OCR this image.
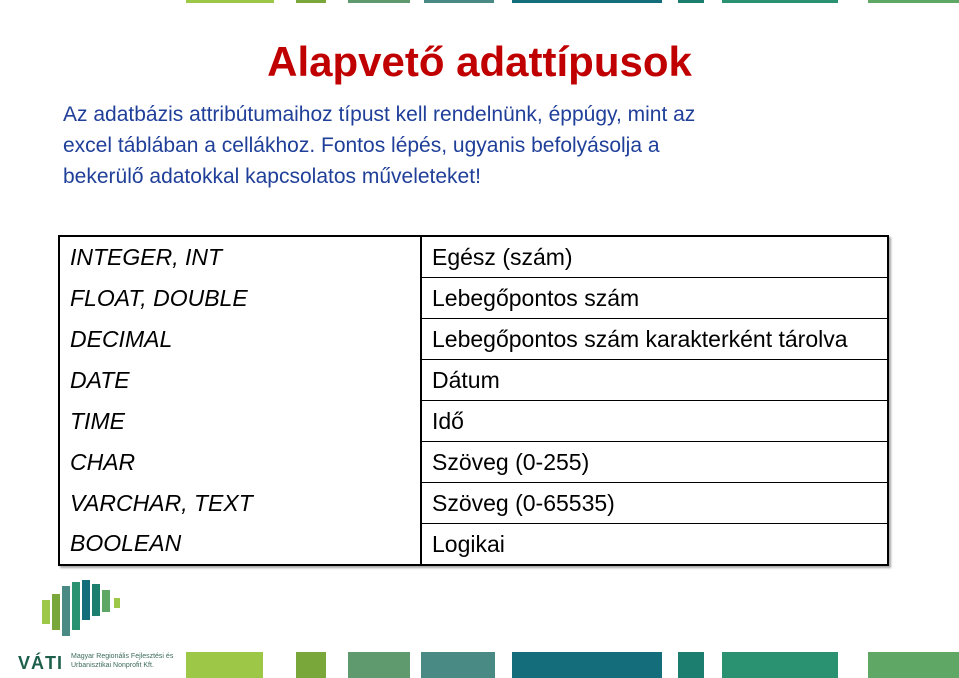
Alapvető adattípusok
Az adatbázis attribútumaihoz típust kell rendelnünk, éppúgy, mint az
excel táblában a cellákhoz. Fontos lépés, ugyanis befolyásolja a
bekerülő adatokkal kapcsolatos műveleteket!
INTEGER, INT	Egész (szám)
FLOAT, DOUBLE	Lebegőpontos szám
DECIMAL	Lebegőpontos szám karakterként tárolva
DATE	Dátum
TIME	Idő
CHAR	Szöveg (0-255)
VARCHAR, TEXT	Szöveg (0-65535)
BOOLEAN	Logikai
VÁTI Magyar Regionális Fejlesztési és Urbanisztikai Nonprofit Kft.
